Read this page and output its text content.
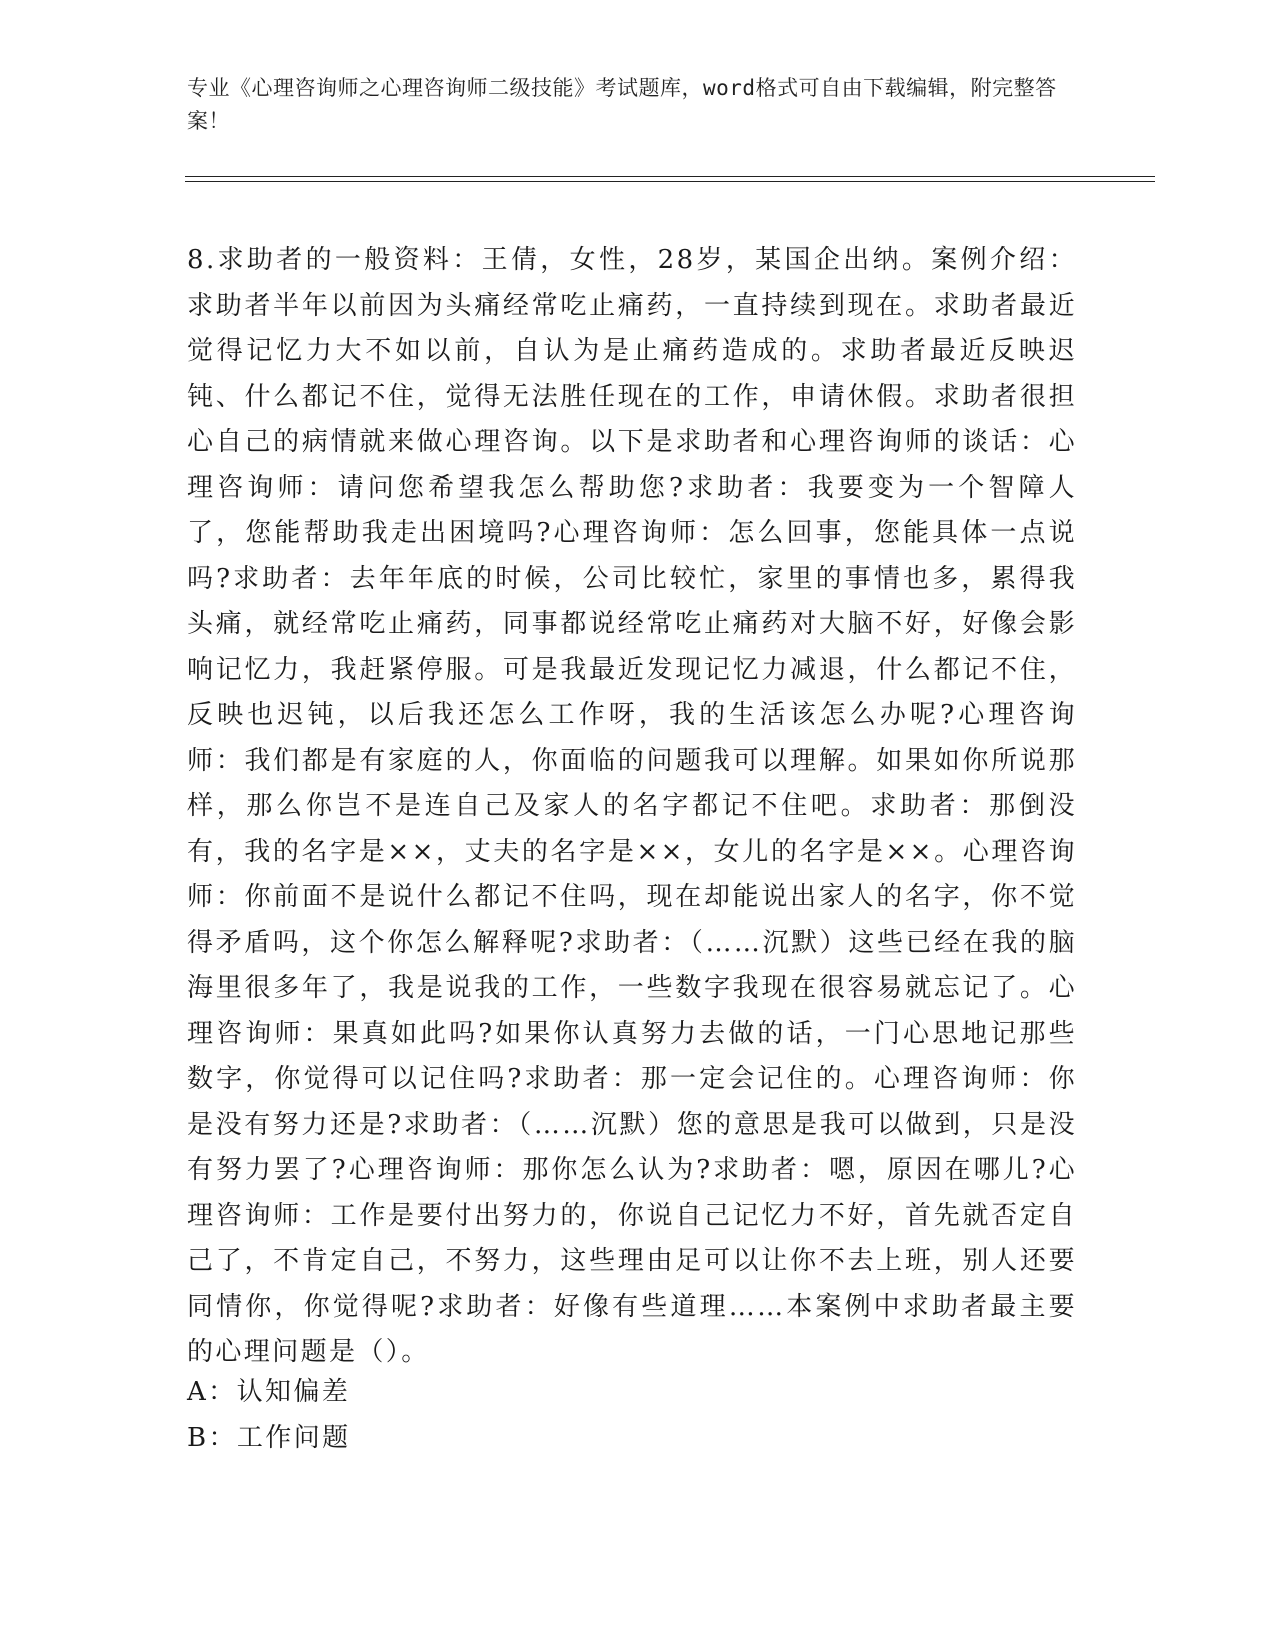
专业《心理咨询师之心理咨询师二级技能》考试题库，word格式可自由下载编辑，附完整答案！
8.求助者的一般资料：王倩，女性，28岁，某国企出纳。案例介绍：求助者半年以前因为头痛经常吃止痛药，一直持续到现在。求助者最近觉得记忆力大不如以前，自认为是止痛药造成的。求助者最近反映迟钝、什么都记不住，觉得无法胜任现在的工作，申请休假。求助者很担心自己的病情就来做心理咨询。以下是求助者和心理咨询师的谈话：心理咨询师：请问您希望我怎么帮助您?求助者：我要变为一个智障人了，您能帮助我走出困境吗?心理咨询师：怎么回事，您能具体一点说吗?求助者：去年年底的时候，公司比较忙，家里的事情也多，累得我头痛，就经常吃止痛药，同事都说经常吃止痛药对大脑不好，好像会影响记忆力，我赶紧停服。可是我最近发现记忆力减退，什么都记不住，反映也迟钝，以后我还怎么工作呀，我的生活该怎么办呢?心理咨询师：我们都是有家庭的人，你面临的问题我可以理解。如果如你所说那样，那么你岂不是连自己及家人的名字都记不住吧。求助者：那倒没有，我的名字是××，丈夫的名字是××，女儿的名字是××。心理咨询师：你前面不是说什么都记不住吗，现在却能说出家人的名字，你不觉得矛盾吗，这个你怎么解释呢?求助者：（……沉默）这些已经在我的脑海里很多年了，我是说我的工作，一些数字我现在很容易就忘记了。心理咨询师：果真如此吗?如果你认真努力去做的话，一门心思地记那些数字，你觉得可以记住吗?求助者：那一定会记住的。心理咨询师：你是没有努力还是?求助者：（……沉默）您的意思是我可以做到，只是没有努力罢了?心理咨询师：那你怎么认为?求助者：嗯，原因在哪儿?心理咨询师：工作是要付出努力的，你说自己记忆力不好，首先就否定自己了，不肯定自己，不努力，这些理由足可以让你不去上班，别人还要同情你，你觉得呢?求助者：好像有些道理……本案例中求助者最主要的心理问题是（）。
A：认知偏差
B：工作问题
